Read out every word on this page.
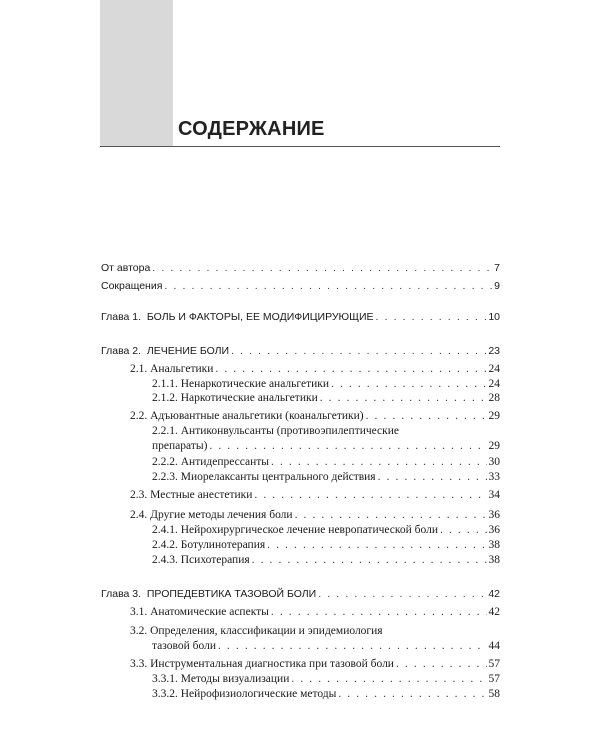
СОДЕРЖАНИЕ
От автора . . .	7
Сокращения . . .	9
Глава 1.  БОЛЬ И ФАКТОРЫ, ЕЕ МОДИФИЦИРУЮЩИЕ . . .	10
Глава 2.  ЛЕЧЕНИЕ БОЛИ . . .	23
2.1. Анальгетики . . .	24
2.1.1. Ненаркотические анальгетики . . .	24
2.1.2. Наркотические анальгетики . . .	28
2.2. Адъювантные анальгетики (коанальгетики) . . .	29
2.2.1. Антиконвульсанты (противоэпилептические
препараты) . . .	29
2.2.2. Антидепрессанты . . .	30
2.2.3. Миорелаксанты центрального действия . . .	33
2.3. Местные анестетики . . .	34
2.4. Другие методы лечения боли . . .	36
2.4.1. Нейрохирургическое лечение невропатической боли . . .	36
2.4.2. Ботулинотерапия . . .	38
2.4.3. Психотерапия . . .	38
Глава 3.  ПРОПЕДЕВТИКА ТАЗОВОЙ БОЛИ . . .	42
3.1. Анатомические аспекты . . .	42
3.2. Определения, классификации и эпидемиология
тазовой боли . . .	44
3.3. Инструментальная диагностика при тазовой боли . . .	57
3.3.1. Методы визуализации . . .	57
3.3.2. Нейрофизиологические методы . . .	58
